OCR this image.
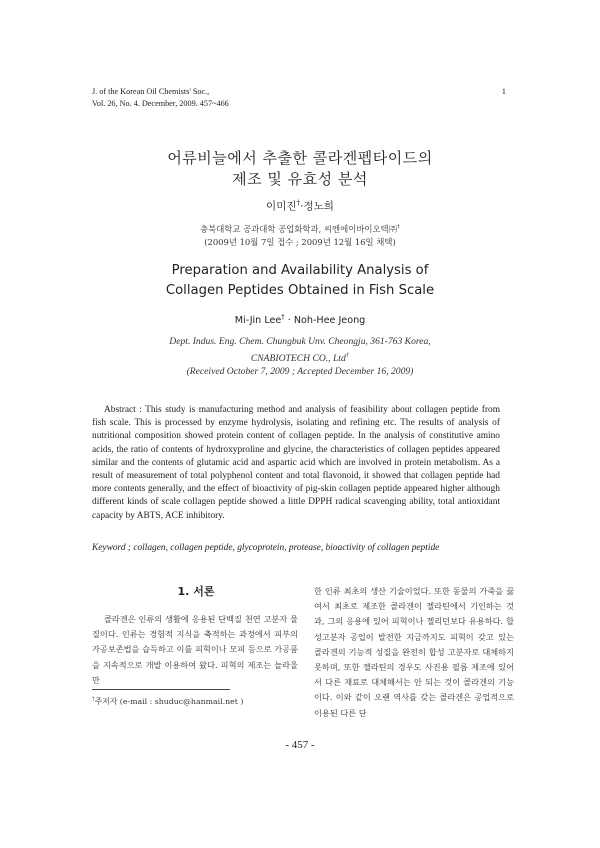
J. of the Korean Oil Chemists' Soc.,
Vol. 26, No. 4. December, 2009. 457~466
1
어류비늘에서 추출한 콜라겐펩타이드의
제조 및 유효성 분석
이미진†·정노희
충북대학교 공과대학 공업화학과, 씨엔에이바이오텍㈜†
(2009년 10월 7일 접수 ; 2009년 12월 16일 채택)
Preparation and Availability Analysis of
Collagen Peptides Obtained in Fish Scale
Mi-Jin Lee† · Noh-Hee Jeong
Dept. Indus. Eng. Chem. Chungbuk Unv. Cheongju, 361-763 Korea,
CNABIOTECH CO., Ltd†
(Received October 7, 2009 ; Accepted December 16, 2009)
Abstract : This study is manufacturing method and analysis of feasibility about collagen peptide from fish scale. This is processed by enzyme hydrolysis, isolating and refining etc. The results of analysis of nutritional composition showed protein content of collagen peptide. In the analysis of constitutive amino acids, the ratio of contents of hydroxyproline and glycine, the characteristics of collagen peptides appeared similar and the contents of glutamic acid and aspartic acid which are involved in protein metabolism. As a result of measurement of total polyphenol content and total flavonoid, it showed that collagen peptide had more contents generally, and the effect of bioactivity of pig-skin collagen peptide appeared higher although different kinds of scale collagen peptide showed a little DPPH radical scavenging ability, total antioxidant capacity by ABTS, ACE inhibitory.
Keyword ; collagen, collagen peptide, glycoprotein, protease, bioactivity of collagen peptide
1. 서론
콜라겐은 인류의 생활에 응용된 단백질 천연 고분자 물질이다. 인류는 경험적 지식을 축적하는 과정에서 피부의 가공보존법을 습득하고 이를 피혁이나 모피 등으로 가공품을 지속적으로 개발 이용하여 왔다. 피혁의 제조는 놀라울 만
한 인류 최초의 생산 기술이었다. 또한 동물의 가죽을 끓여서 최초로 제조한 콜라겐이 젤라틴에서 기인하는 것과, 그의 응용에 있어 피혁이나 젤리던보다 유용하다. 합성고분자 공업이 발전한 지금까지도 피혁이 갖고 있는 콜라겐의 기능적 성질을 완전히 합성 고분자로 대체하지 못하며, 또한 젤라틴의 경우도 사진용 필름 제조에 있어서 다른 재료로 대체해서는 안 되는 것이 콜라겐의 기능이다. 이와 같이 오랜 역사를 갖는 콜라겐은 공업적으로 이용된 다른 단
†주저자 (e-mail : shuduc@hanmail.net )
- 457 -
